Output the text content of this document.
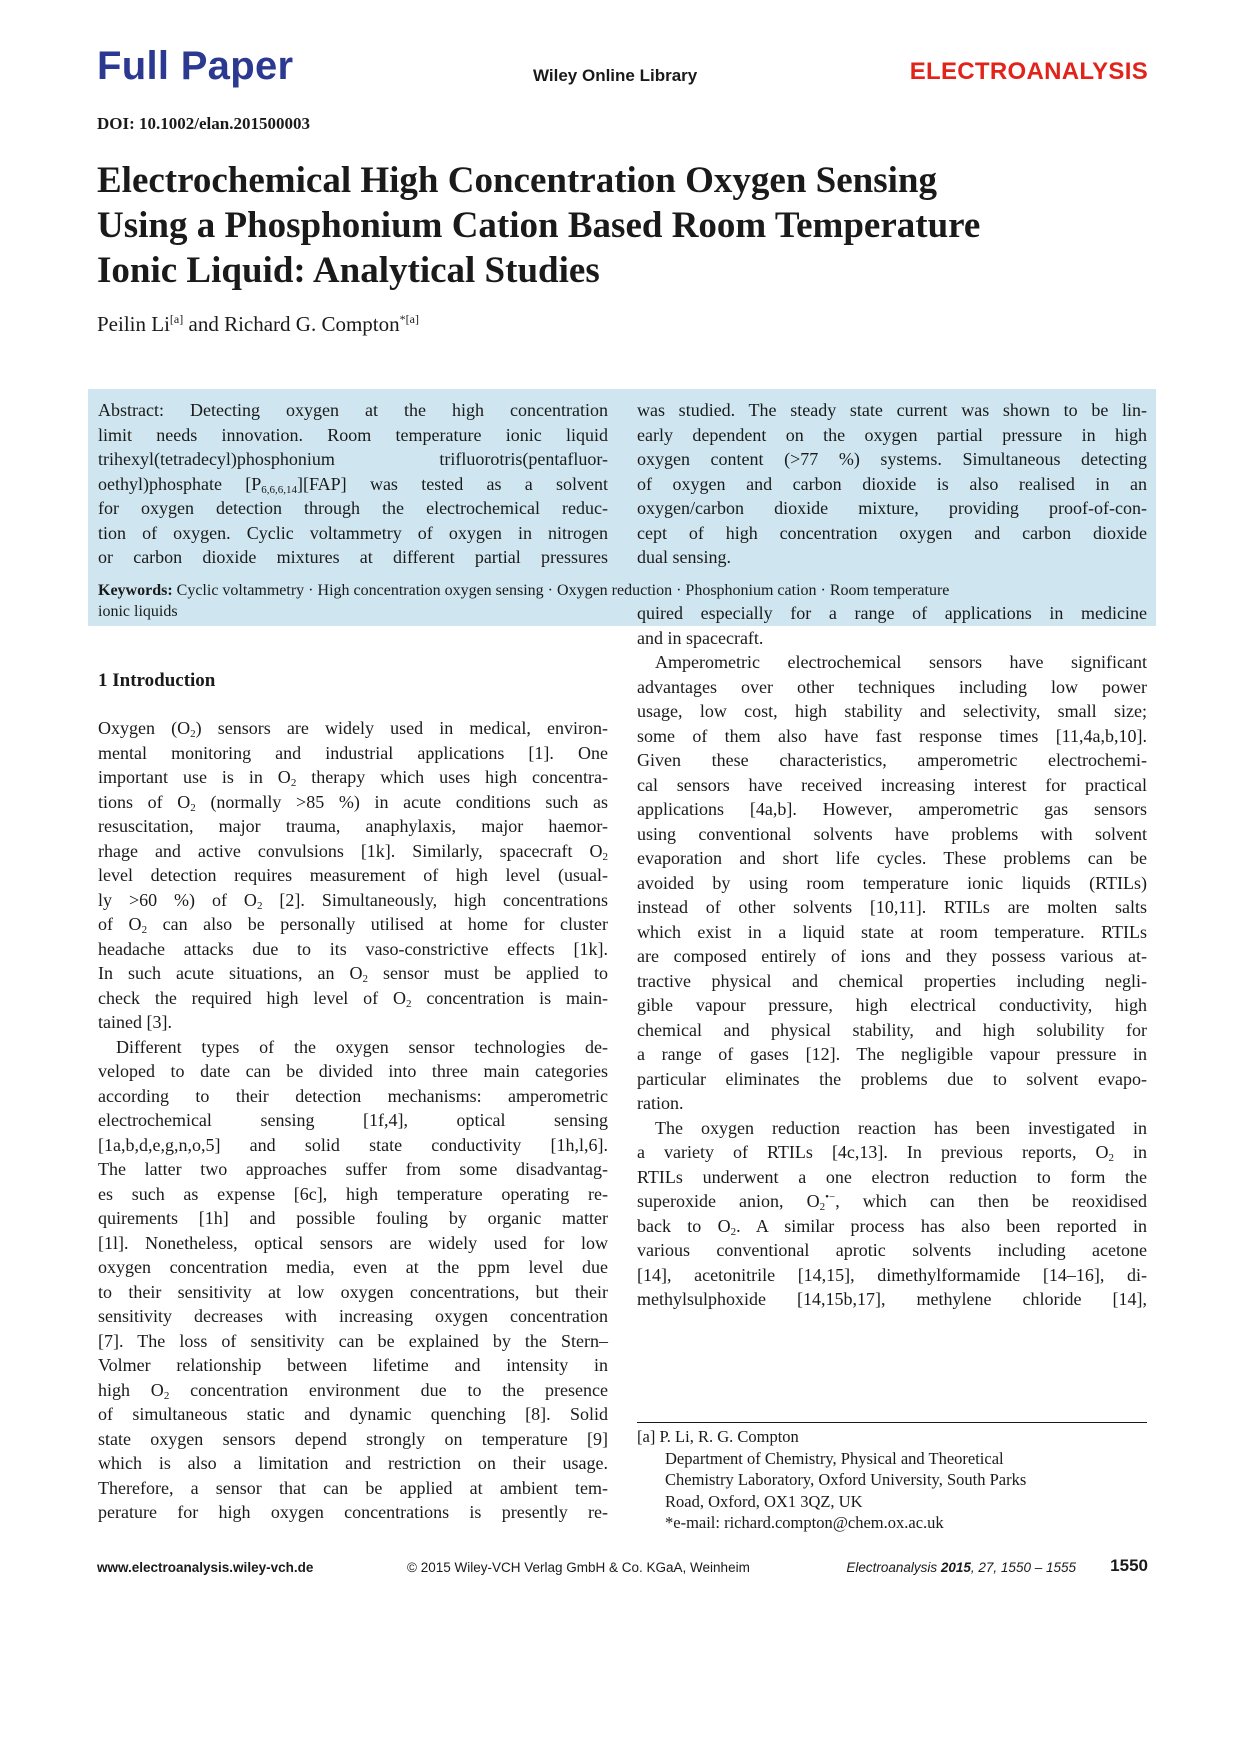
Full Paper	Wiley Online Library	ELECTROANALYSIS
DOI: 10.1002/elan.201500003
Electrochemical High Concentration Oxygen Sensing
Using a Phosphonium Cation Based Room Temperature
Ionic Liquid: Analytical Studies
Peilin Li[a] and Richard G. Compton$^{*[a]}$
Abstract: Detecting oxygen at the high concentration
limit needs innovation. Room temperature ionic liquid
trihexyl(tetradecyl)phosphonium trifluorotris(pentafluor-
oethyl)phosphate $[P_{6,6,6,14}][FAP]$ was tested as a solvent
for oxygen detection through the electrochemical reduc-
tion of oxygen. Cyclic voltammetry of oxygen in nitrogen
or carbon dioxide mixtures at different partial pressures
was studied. The steady state current was shown to be lin-
early dependent on the oxygen partial pressure in high
oxygen content (>77 %) systems. Simultaneous detecting
of oxygen and carbon dioxide is also realised in an
oxygen/carbon dioxide mixture, providing proof-of-con-
cept of high concentration oxygen and carbon dioxide
dual sensing.
Keywords: Cyclic voltammetry · High concentration oxygen sensing · Oxygen reduction · Phosphonium cation · Room temperature
ionic liquids
1 Introduction
Oxygen $(O_2)$ sensors are widely used in medical, environ-
mental monitoring and industrial applications [1]. One
important use is in $O_2$ therapy which uses high concentra-
tions of $O_2$ (normally >85 %) in acute conditions such as
resuscitation, major trauma, anaphylaxis, major haemor-
rhage and active convulsions [1k]. Similarly, spacecraft $O_2$
level detection requires measurement of high level (usual-
ly >60 %) of $O_2$ [2]. Simultaneously, high concentrations
of $O_2$ can also be personally utilised at home for cluster
headache attacks due to its vaso-constrictive effects [1k].
In such acute situations, an $O_2$ sensor must be applied to
check the required high level of $O_2$ concentration is main-
tained [3].
Different types of the oxygen sensor technologies de-
veloped to date can be divided into three main categories
according to their detection mechanisms: amperometric
electrochemical sensing [1f,4], optical sensing
[1a,b,d,e,g,n,o,5] and solid state conductivity [1h,l,6].
The latter two approaches suffer from some disadvantag-
es such as expense [6c], high temperature operating re-
quirements [1h] and possible fouling by organic matter
[1l]. Nonetheless, optical sensors are widely used for low
oxygen concentration media, even at the ppm level due
to their sensitivity at low oxygen concentrations, but their
sensitivity decreases with increasing oxygen concentration
[7]. The loss of sensitivity can be explained by the Stern–
Volmer relationship between lifetime and intensity in
high $O_2$ concentration environment due to the presence
of simultaneous static and dynamic quenching [8]. Solid
state oxygen sensors depend strongly on temperature [9]
which is also a limitation and restriction on their usage.
Therefore, a sensor that can be applied at ambient tem-
perature for high oxygen concentrations is presently re-
quired especially for a range of applications in medicine
and in spacecraft.
Amperometric electrochemical sensors have significant
advantages over other techniques including low power
usage, low cost, high stability and selectivity, small size;
some of them also have fast response times [11,4a,b,10].
Given these characteristics, amperometric electrochemi-
cal sensors have received increasing interest for practical
applications [4a,b]. However, amperometric gas sensors
using conventional solvents have problems with solvent
evaporation and short life cycles. These problems can be
avoided by using room temperature ionic liquids (RTILs)
instead of other solvents [10,11]. RTILs are molten salts
which exist in a liquid state at room temperature. RTILs
are composed entirely of ions and they possess various at-
tractive physical and chemical properties including negli-
gible vapour pressure, high electrical conductivity, high
chemical and physical stability, and high solubility for
a range of gases [12]. The negligible vapour pressure in
particular eliminates the problems due to solvent evapo-
ration.
The oxygen reduction reaction has been investigated in
a variety of RTILs [4c,13]. In previous reports, $O_2$ in
RTILs underwent a one electron reduction to form the
superoxide anion, $O_2^{•-}$, which can then be reoxidised
back to $O_2$. A similar process has also been reported in
various conventional aprotic solvents including acetone
[14], acetonitrile [14,15], dimethylformamide [14–16], di-
methylsulphoxide [14,15b,17], methylene chloride [14],
[a] P. Li, R. G. Compton
Department of Chemistry, Physical and Theoretical
Chemistry Laboratory, Oxford University, South Parks
Road, Oxford, OX1 3QZ, UK
*e-mail: richard.compton@chem.ox.ac.uk
www.electroanalysis.wiley-vch.de	© 2015 Wiley-VCH Verlag GmbH & Co. KGaA, Weinheim	Electroanalysis 2015, 27, 1550 – 1555 1550
